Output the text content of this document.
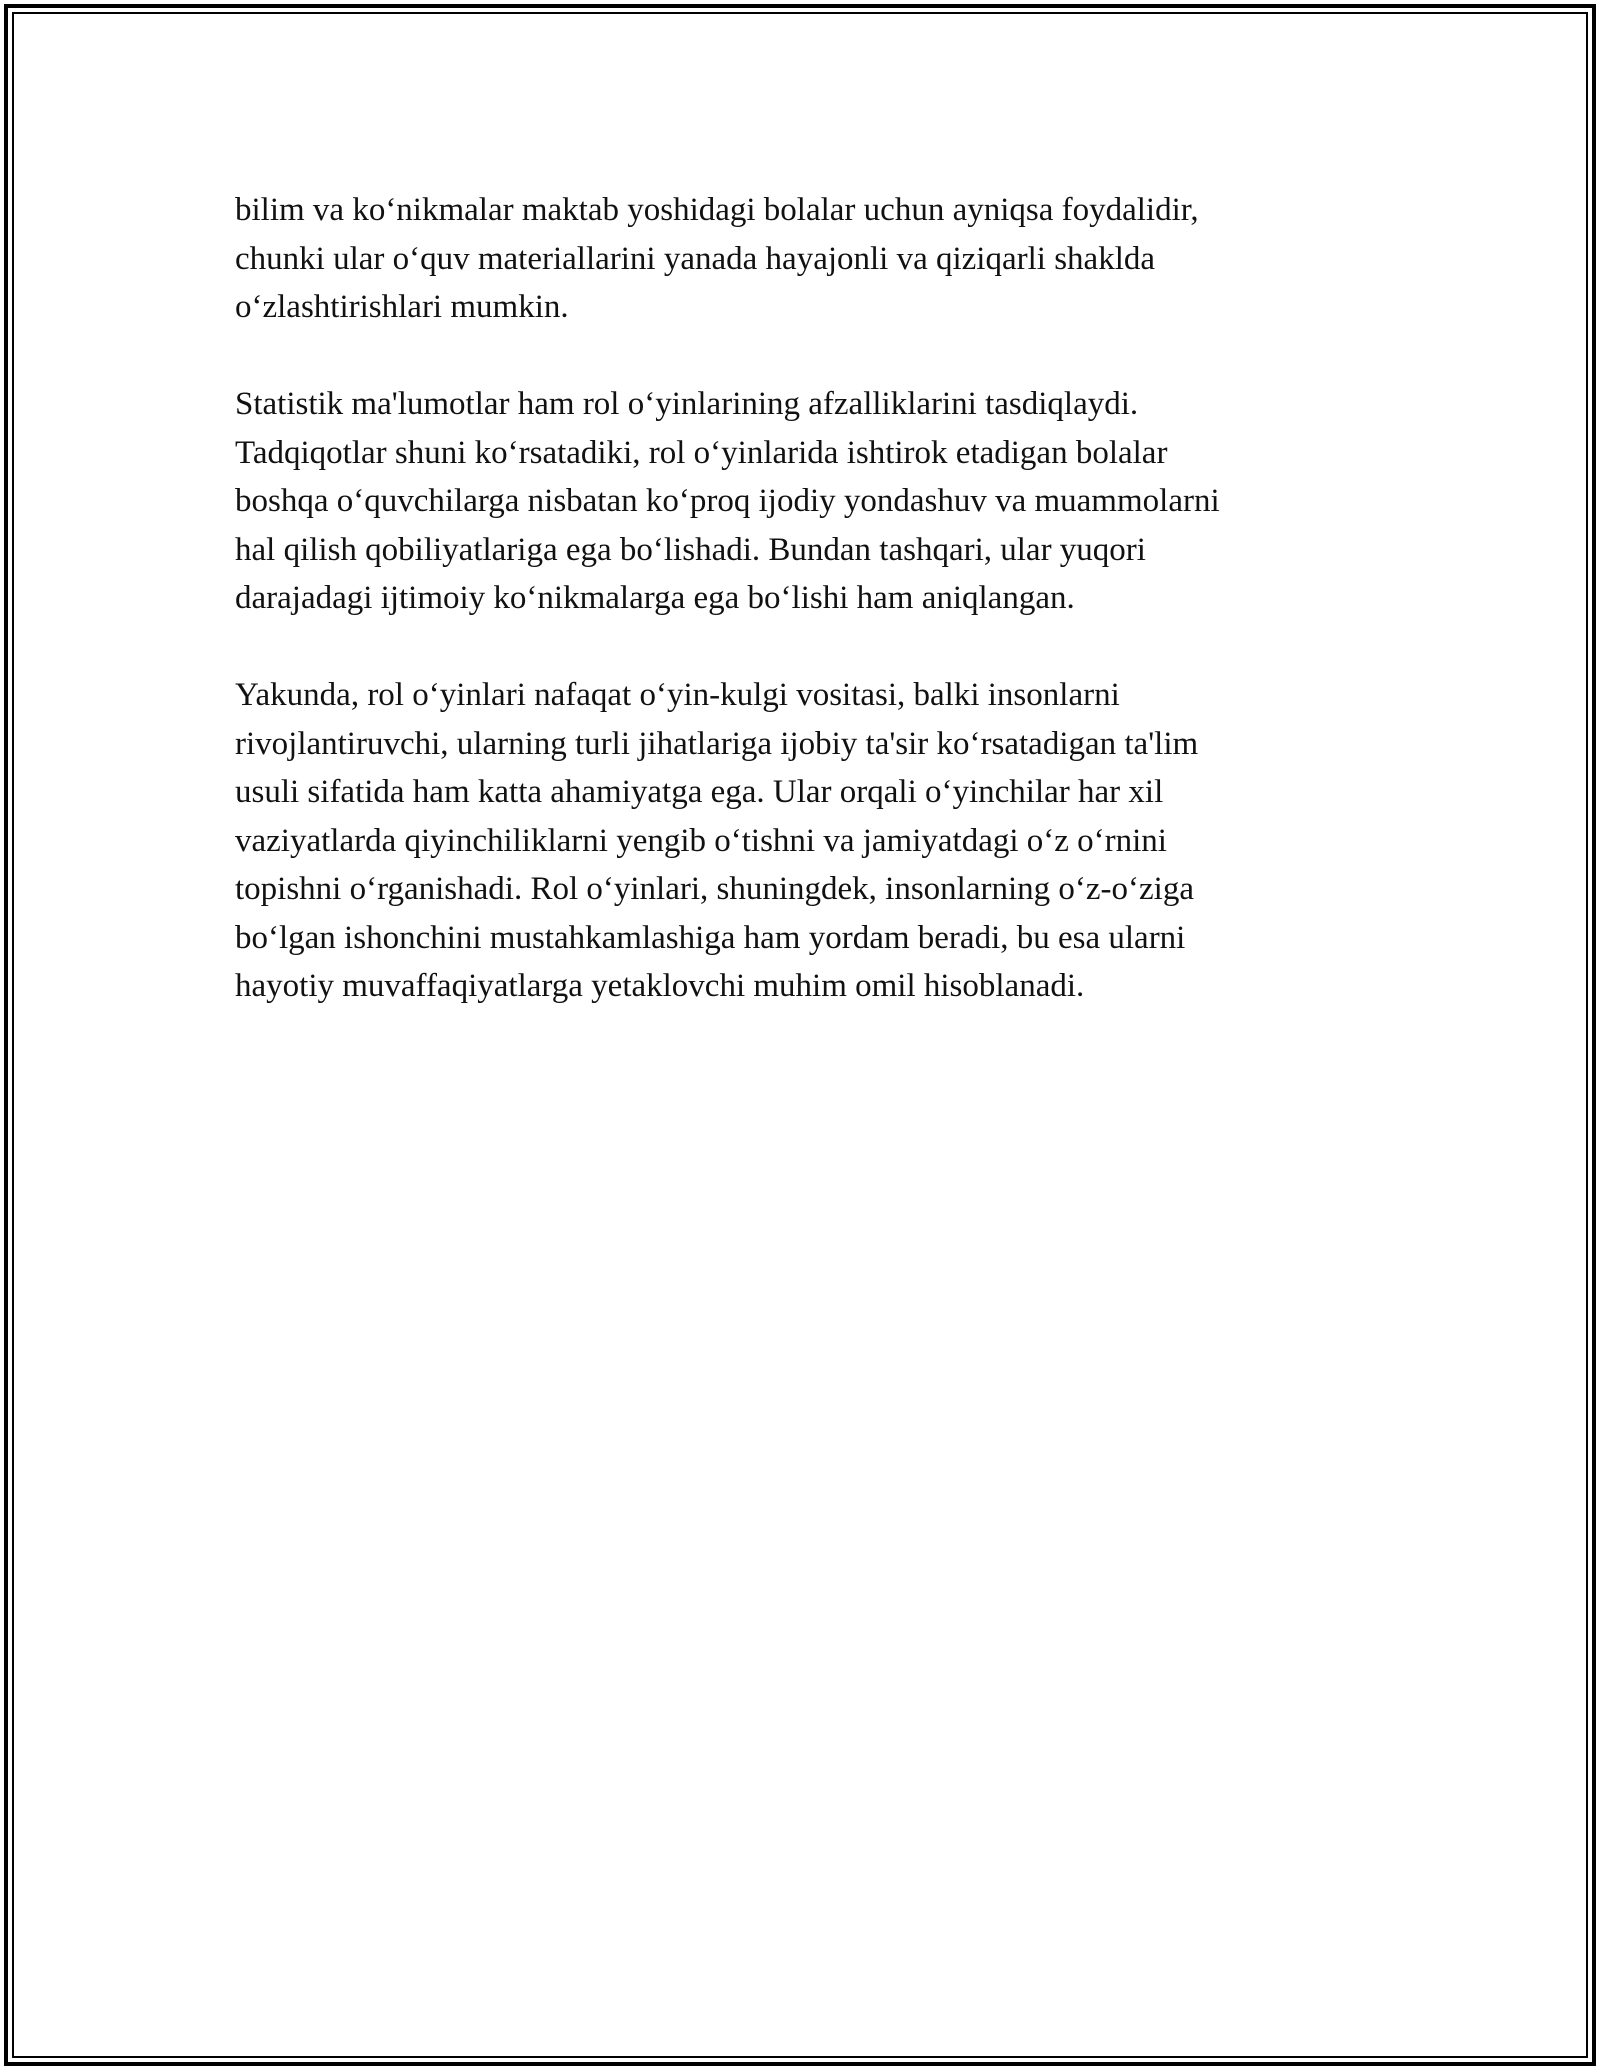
bilim va ko‘nikmalar maktab yoshidagi bolalar uchun ayniqsa foydalidir,
chunki ular o‘quv materiallarini yanada hayajonli va qiziqarli shaklda
o‘zlashtirishlari mumkin.

Statistik ma'lumotlar ham rol o‘yinlarining afzalliklarini tasdiqlaydi.
Tadqiqotlar shuni ko‘rsatadiki, rol o‘yinlarida ishtirok etadigan bolalar
boshqa o‘quvchilarga nisbatan ko‘proq ijodiy yondashuv va muammolarni
hal qilish qobiliyatlariga ega bo‘lishadi. Bundan tashqari, ular yuqori
darajadagi ijtimoiy ko‘nikmalarga ega bo‘lishi ham aniqlangan.

Yakunda, rol o‘yinlari nafaqat o‘yin-kulgi vositasi, balki insonlarni
rivojlantiruvchi, ularning turli jihatlariga ijobiy ta'sir ko‘rsatadigan ta'lim
usuli sifatida ham katta ahamiyatga ega. Ular orqali o‘yinchilar har xil
vaziyatlarda qiyinchiliklarni yengib o‘tishni va jamiyatdagi o‘z o‘rnini
topishni o‘rganishadi. Rol o‘yinlari, shuningdek, insonlarning o‘z-o‘ziga
bo‘lgan ishonchini mustahkamlashiga ham yordam beradi, bu esa ularni
hayotiy muvaffaqiyatlarga yetaklovchi muhim omil hisoblanadi.
